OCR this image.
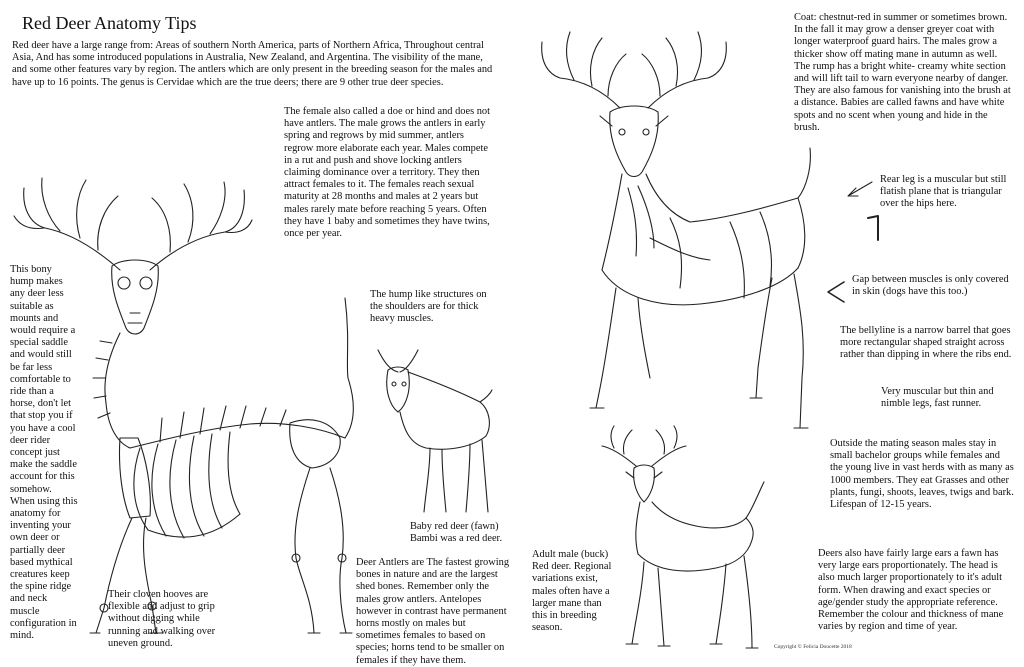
Red Deer Anatomy Tips

Red deer have a large range from: Areas of southern North America, parts of Northern Africa, Throughout central Asia, And has some introduced populations in Australia, New Zealand, and Argentina. The visibility of the mane, and some other features vary by region. The antlers which are only present in the breeding season for the males and have up to 16 points. The genus is Cervidae which are the true deers; there are 9 other true deer species.

The female also called a doe or hind and does not have antlers. The male grows the antlers in early spring and regrows by mid summer, antlers regrow more elaborate each year. Males compete in a rut and push and shove locking antlers claiming dominance over a territory. They then attract females to it. The females reach sexual maturity at 28 months and males at 2 years but males rarely mate before reaching 5 years. Often they have 1 baby and sometimes they have twins, once per year.

This bony hump makes any deer less suitable as mounts and would require a special saddle and would still be far less comfortable to ride than a horse, don't let that stop you if you have a cool deer rider concept just make the saddle account for this somehow. When using this anatomy for inventing your own deer or partially deer based mythical creatures keep the spine ridge and neck muscle configuration in mind.

The hump like structures on the shoulders are for thick heavy muscles.

Baby red deer (fawn) Bambi was a red deer.

Their cloven hooves are flexible and adjust to grip without digging while running and walking over uneven ground.

Deer Antlers are The fastest growing bones in nature and are the largest shed bones. Remember only the males grow antlers. Antelopes however in contrast have permanent horns mostly on males but sometimes females to based on species; horns tend to be smaller on females if they have them.

Adult male (buck) Red deer. Regional variations exist, males often have a larger mane than this in breeding season.

Coat: chestnut-red in summer or sometimes brown. In the fall it may grow a denser greyer coat with longer waterproof guard hairs. The males grow a thicker show off mating mane in autumn as well. The rump has a bright white- creamy white section and will lift tail to warn everyone nearby of danger. They are also famous for vanishing into the brush at a distance. Babies are called fawns and have white spots and no scent when young and hide in the brush.

Rear leg is a muscular but still flatish plane that is triangular over the hips here.

Gap between muscles is only covered in skin (dogs have this too.)

The bellyline is a narrow barrel that goes more rectangular shaped straight across rather than dipping in where the ribs end.

Very muscular but thin and nimble legs, fast runner.

Outside the mating season males stay in small bachelor groups while females and the young live in vast herds with as many as 1000 members. They eat Grasses and other plants, fungi, shoots, leaves, twigs and bark. Lifespan of 12-15 years.

Deers also have fairly large ears a fawn has very large ears proportionately. The head is also much larger proportionately to it's adult form. When drawing and exact species or age/gender study the appropriate reference. Remember the colour and thickness of mane varies by region and time of year.

Copyright © Felicia Doucette 2018
